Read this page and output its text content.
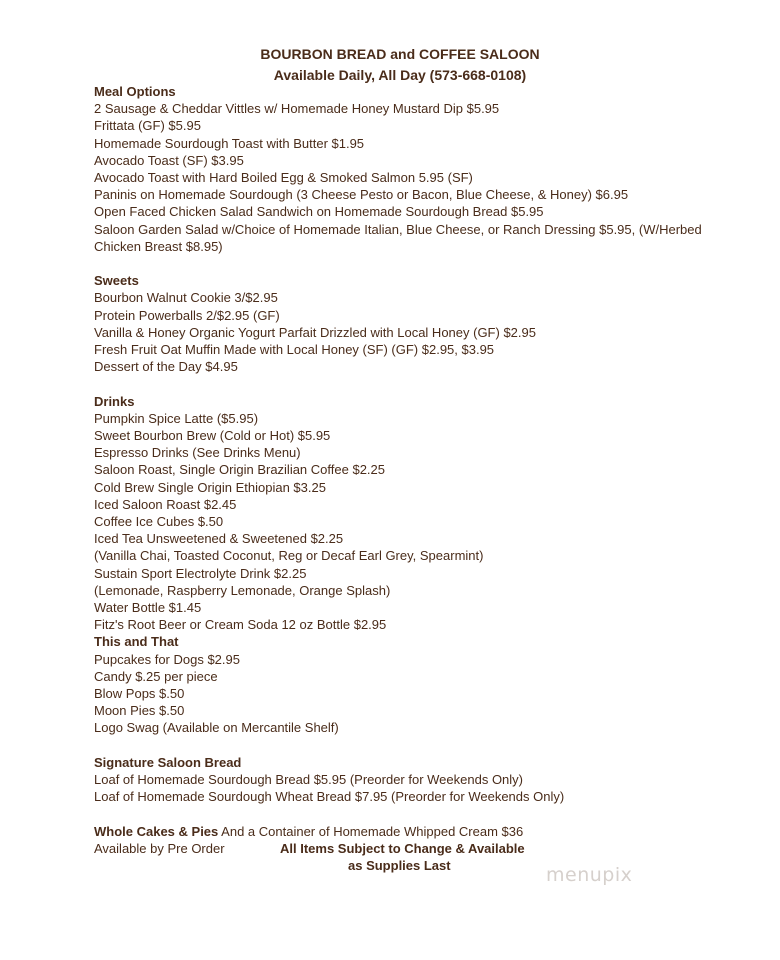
BOURBON BREAD and COFFEE SALOON
Available Daily, All Day (573-668-0108)
Meal Options
2 Sausage & Cheddar Vittles w/ Homemade Honey Mustard Dip $5.95
Frittata (GF) $5.95
Homemade Sourdough Toast with Butter $1.95
Avocado Toast (SF) $3.95
Avocado Toast with Hard Boiled Egg & Smoked Salmon 5.95 (SF)
Paninis on Homemade Sourdough (3 Cheese Pesto or Bacon, Blue Cheese, & Honey) $6.95
Open Faced Chicken Salad Sandwich on Homemade Sourdough Bread $5.95
Saloon Garden Salad w/Choice of Homemade Italian, Blue Cheese, or Ranch Dressing $5.95, (W/Herbed Chicken Breast $8.95)
Sweets
Bourbon Walnut Cookie 3/$2.95
Protein Powerballs 2/$2.95 (GF)
Vanilla & Honey Organic Yogurt Parfait Drizzled with Local Honey (GF) $2.95
Fresh Fruit Oat Muffin Made with Local Honey (SF) (GF) $2.95, $3.95
Dessert of the Day $4.95
Drinks
Pumpkin Spice Latte ($5.95)
Sweet Bourbon Brew (Cold or Hot) $5.95
Espresso Drinks (See Drinks Menu)
Saloon Roast, Single Origin Brazilian Coffee $2.25
Cold Brew Single Origin Ethiopian $3.25
Iced Saloon Roast $2.45
Coffee Ice Cubes $.50
Iced Tea Unsweetened & Sweetened $2.25
(Vanilla Chai, Toasted Coconut, Reg or Decaf Earl Grey, Spearmint)
Sustain Sport Electrolyte Drink $2.25
(Lemonade, Raspberry Lemonade, Orange Splash)
Water Bottle $1.45
Fitz's Root Beer or Cream Soda 12 oz Bottle $2.95
This and That
Pupcakes for Dogs $2.95
Candy $.25 per piece
Blow Pops $.50
Moon Pies $.50
Logo Swag (Available on Mercantile Shelf)
Signature Saloon Bread
Loaf of Homemade Sourdough Bread $5.95 (Preorder for Weekends Only)
Loaf of Homemade Sourdough Wheat Bread $7.95 (Preorder for Weekends Only)
Whole Cakes & Pies And a Container of Homemade Whipped Cream $36
Available by Pre Order	All Items Subject to Change & Available
as Supplies Last	menupix
